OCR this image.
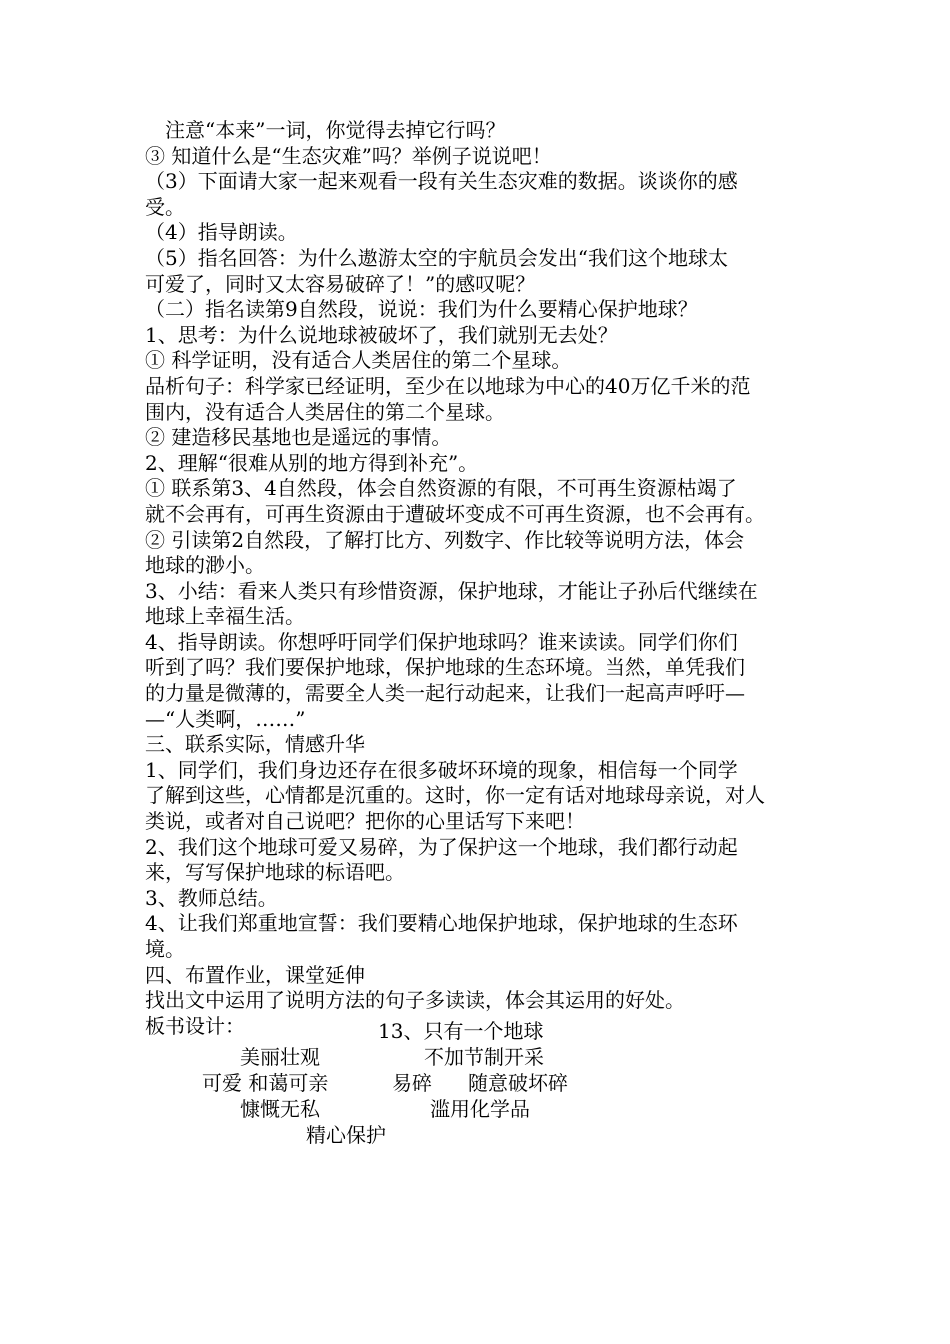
　注意“本来”一词，你觉得去掉它行吗？

③ 知道什么是“生态灾难”吗？举例子说说吧！

（3）下面请大家一起来观看一段有关生态灾难的数据。谈谈你的感

受。

（4）指导朗读。

（5）指名回答：为什么遨游太空的宇航员会发出“我们这个地球太

可爱了，同时又太容易破碎了！”的感叹呢？

（二）指名读第9自然段，说说：我们为什么要精心保护地球？

1、思考：为什么说地球被破坏了，我们就别无去处？

① 科学证明，没有适合人类居住的第二个星球。

品析句子：科学家已经证明，至少在以地球为中心的40万亿千米的范

围内，没有适合人类居住的第二个星球。

② 建造移民基地也是遥远的事情。

2、理解“很难从别的地方得到补充”。

① 联系第3、4自然段，体会自然资源的有限，不可再生资源枯竭了

就不会再有，可再生资源由于遭破坏变成不可再生资源，也不会再有。

② 引读第2自然段，了解打比方、列数字、作比较等说明方法，体会

地球的渺小。

3、小结：看来人类只有珍惜资源，保护地球，才能让子孙后代继续在

地球上幸福生活。

4、指导朗读。你想呼吁同学们保护地球吗？谁来读读。同学们你们

听到了吗？我们要保护地球，保护地球的生态环境。当然，单凭我们

的力量是微薄的，需要全人类一起行动起来，让我们一起高声呼吁—

—“人类啊，……”

三、联系实际，情感升华

1、同学们，我们身边还存在很多破坏环境的现象，相信每一个同学

了解到这些，心情都是沉重的。这时，你一定有话对地球母亲说，对人

类说，或者对自己说吧？把你的心里话写下来吧！

2、我们这个地球可爱又易碎，为了保护这一个地球，我们都行动起

来，写写保护地球的标语吧。

3、教师总结。

4、让我们郑重地宣誓：我们要精心地保护地球，保护地球的生态环

境。

四、布置作业，课堂延伸

找出文中运用了说明方法的句子多读读，体会其运用的好处。

板书设计：	13、只有一个地球
美丽壮观	不加节制开采
可爱 和蔼可亲	易碎 随意破坏碎
慷慨无私	滥用化学品
精心保护
